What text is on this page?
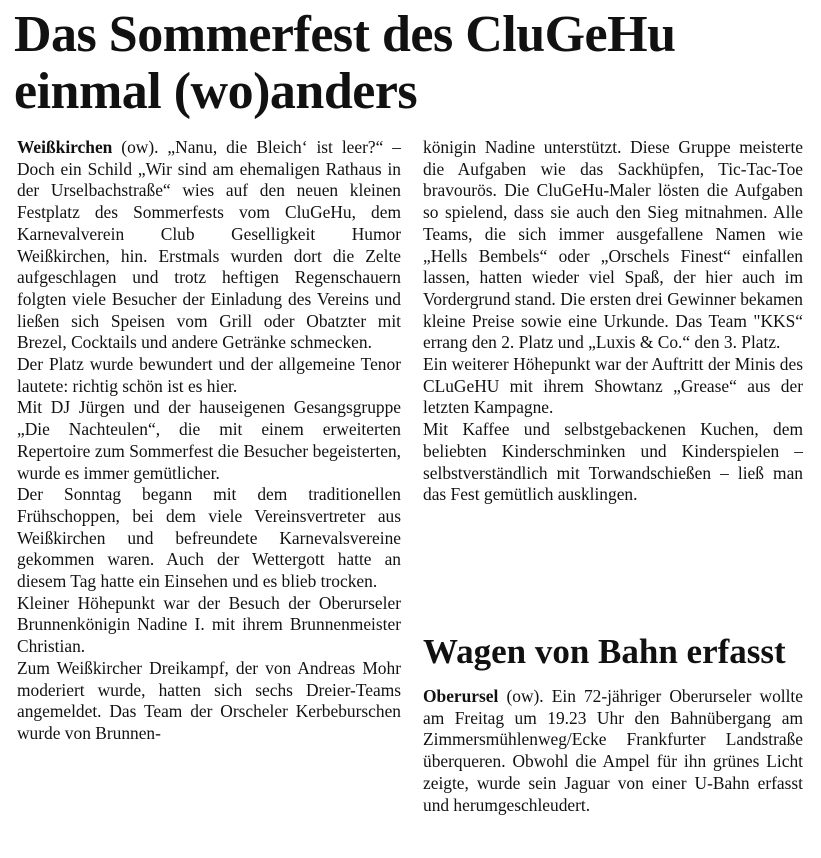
Das Sommerfest des CluGeHu einmal (wo)anders

Weißkirchen (ow). „Nanu, die Bleich‘ ist leer?“ – Doch ein Schild „Wir sind am ehemaligen Rathaus in der Urselbachstraße“ wies auf den neuen kleinen Festplatz des Sommerfests vom CluGeHu, dem Karnevalverein Club Geselligkeit Humor Weißkirchen, hin. Erstmals wurden dort die Zelte aufgeschlagen und trotz heftigen Regenschauern folgten viele Besucher der Einladung des Vereins und ließen sich Speisen vom Grill oder Obatzter mit Brezel, Cocktails und andere Getränke schmecken.

Der Platz wurde bewundert und der allgemeine Tenor lautete: richtig schön ist es hier.

Mit DJ Jürgen und der hauseigenen Gesangsgruppe „Die Nachteulen“, die mit einem erweiterten Repertoire zum Sommerfest die Besucher begeisterten, wurde es immer gemütlicher.

Der Sonntag begann mit dem traditionellen Frühschoppen, bei dem viele Vereinsvertreter aus Weißkirchen und befreundete Karnevalsvereine gekommen waren. Auch der Wettergott hatte an diesem Tag hatte ein Einsehen und es blieb trocken.

Kleiner Höhepunkt war der Besuch der Oberurseler Brunnenkönigin Nadine I. mit ihrem Brunnenmeister Christian.

Zum Weißkircher Dreikampf, der von Andreas Mohr moderiert wurde, hatten sich sechs Dreier-Teams angemeldet. Das Team der Orscheler Kerbeburschen wurde von Brunnen-

königin Nadine unterstützt. Diese Gruppe meisterte die Aufgaben wie das Sackhüpfen, Tic-Tac-Toe bravourös. Die CluGeHu-Maler lösten die Aufgaben so spielend, dass sie auch den Sieg mitnahmen. Alle Teams, die sich immer ausgefallene Namen wie „Hells Bembels“ oder „Orschels Finest“ einfallen lassen, hatten wieder viel Spaß, der hier auch im Vordergrund stand. Die ersten drei Gewinner bekamen kleine Preise sowie eine Urkunde. Das Team "KKS“ errang den 2. Platz und „Luxis & Co.“ den 3. Platz.

Ein weiterer Höhepunkt war der Auftritt der Minis des CLuGeHU mit ihrem Showtanz „Grease“ aus der letzten Kampagne.

Mit Kaffee und selbstgebackenen Kuchen, dem beliebten Kinderschminken und Kinderspielen – selbstverständlich mit Torwandschießen – ließ man das Fest gemütlich ausklingen.

Wagen von Bahn erfasst

Oberursel (ow). Ein 72-jähriger Oberurseler wollte am Freitag um 19.23 Uhr den Bahnübergang am Zimmersmühlenweg/Ecke Frankfurter Landstraße überqueren. Obwohl die Ampel für ihn grünes Licht zeigte, wurde sein Jaguar von einer U-Bahn erfasst und herumgeschleudert.
